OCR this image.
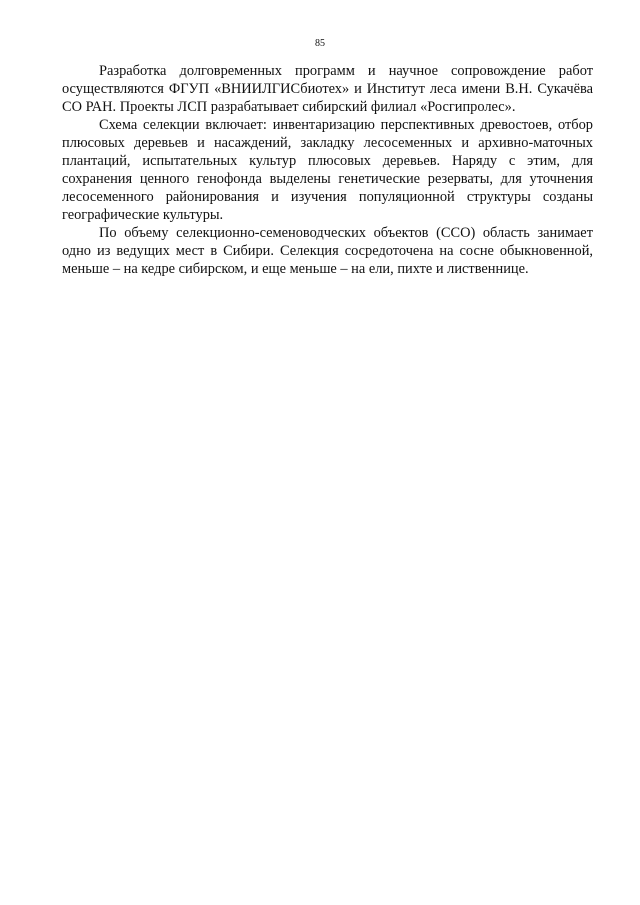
85

Разработка долговременных программ и научное сопровождение работ осуществляются ФГУП «ВНИИЛГИСбиотех» и Институт леса имени В.Н. Сукачёва СО РАН. Проекты ЛСП разрабатывает сибирский филиал «Росгипролес».

Схема селекции включает: инвентаризацию перспективных древостоев, отбор плюсовых деревьев и насаждений, закладку лесосеменных и архивно-маточных плантаций, испытательных культур плюсовых деревьев. Наряду с этим, для сохранения ценного генофонда выделены генетические резерваты, для уточнения лесосеменного районирования и изучения популяционной структуры созданы географические культуры.

По объему селекционно-семеноводческих объектов (ССО) область занимает одно из ведущих мест в Сибири. Селекция сосредоточена на сосне обыкновенной, меньше – на кедре сибирском, и еще меньше – на ели, пихте и лиственнице.
